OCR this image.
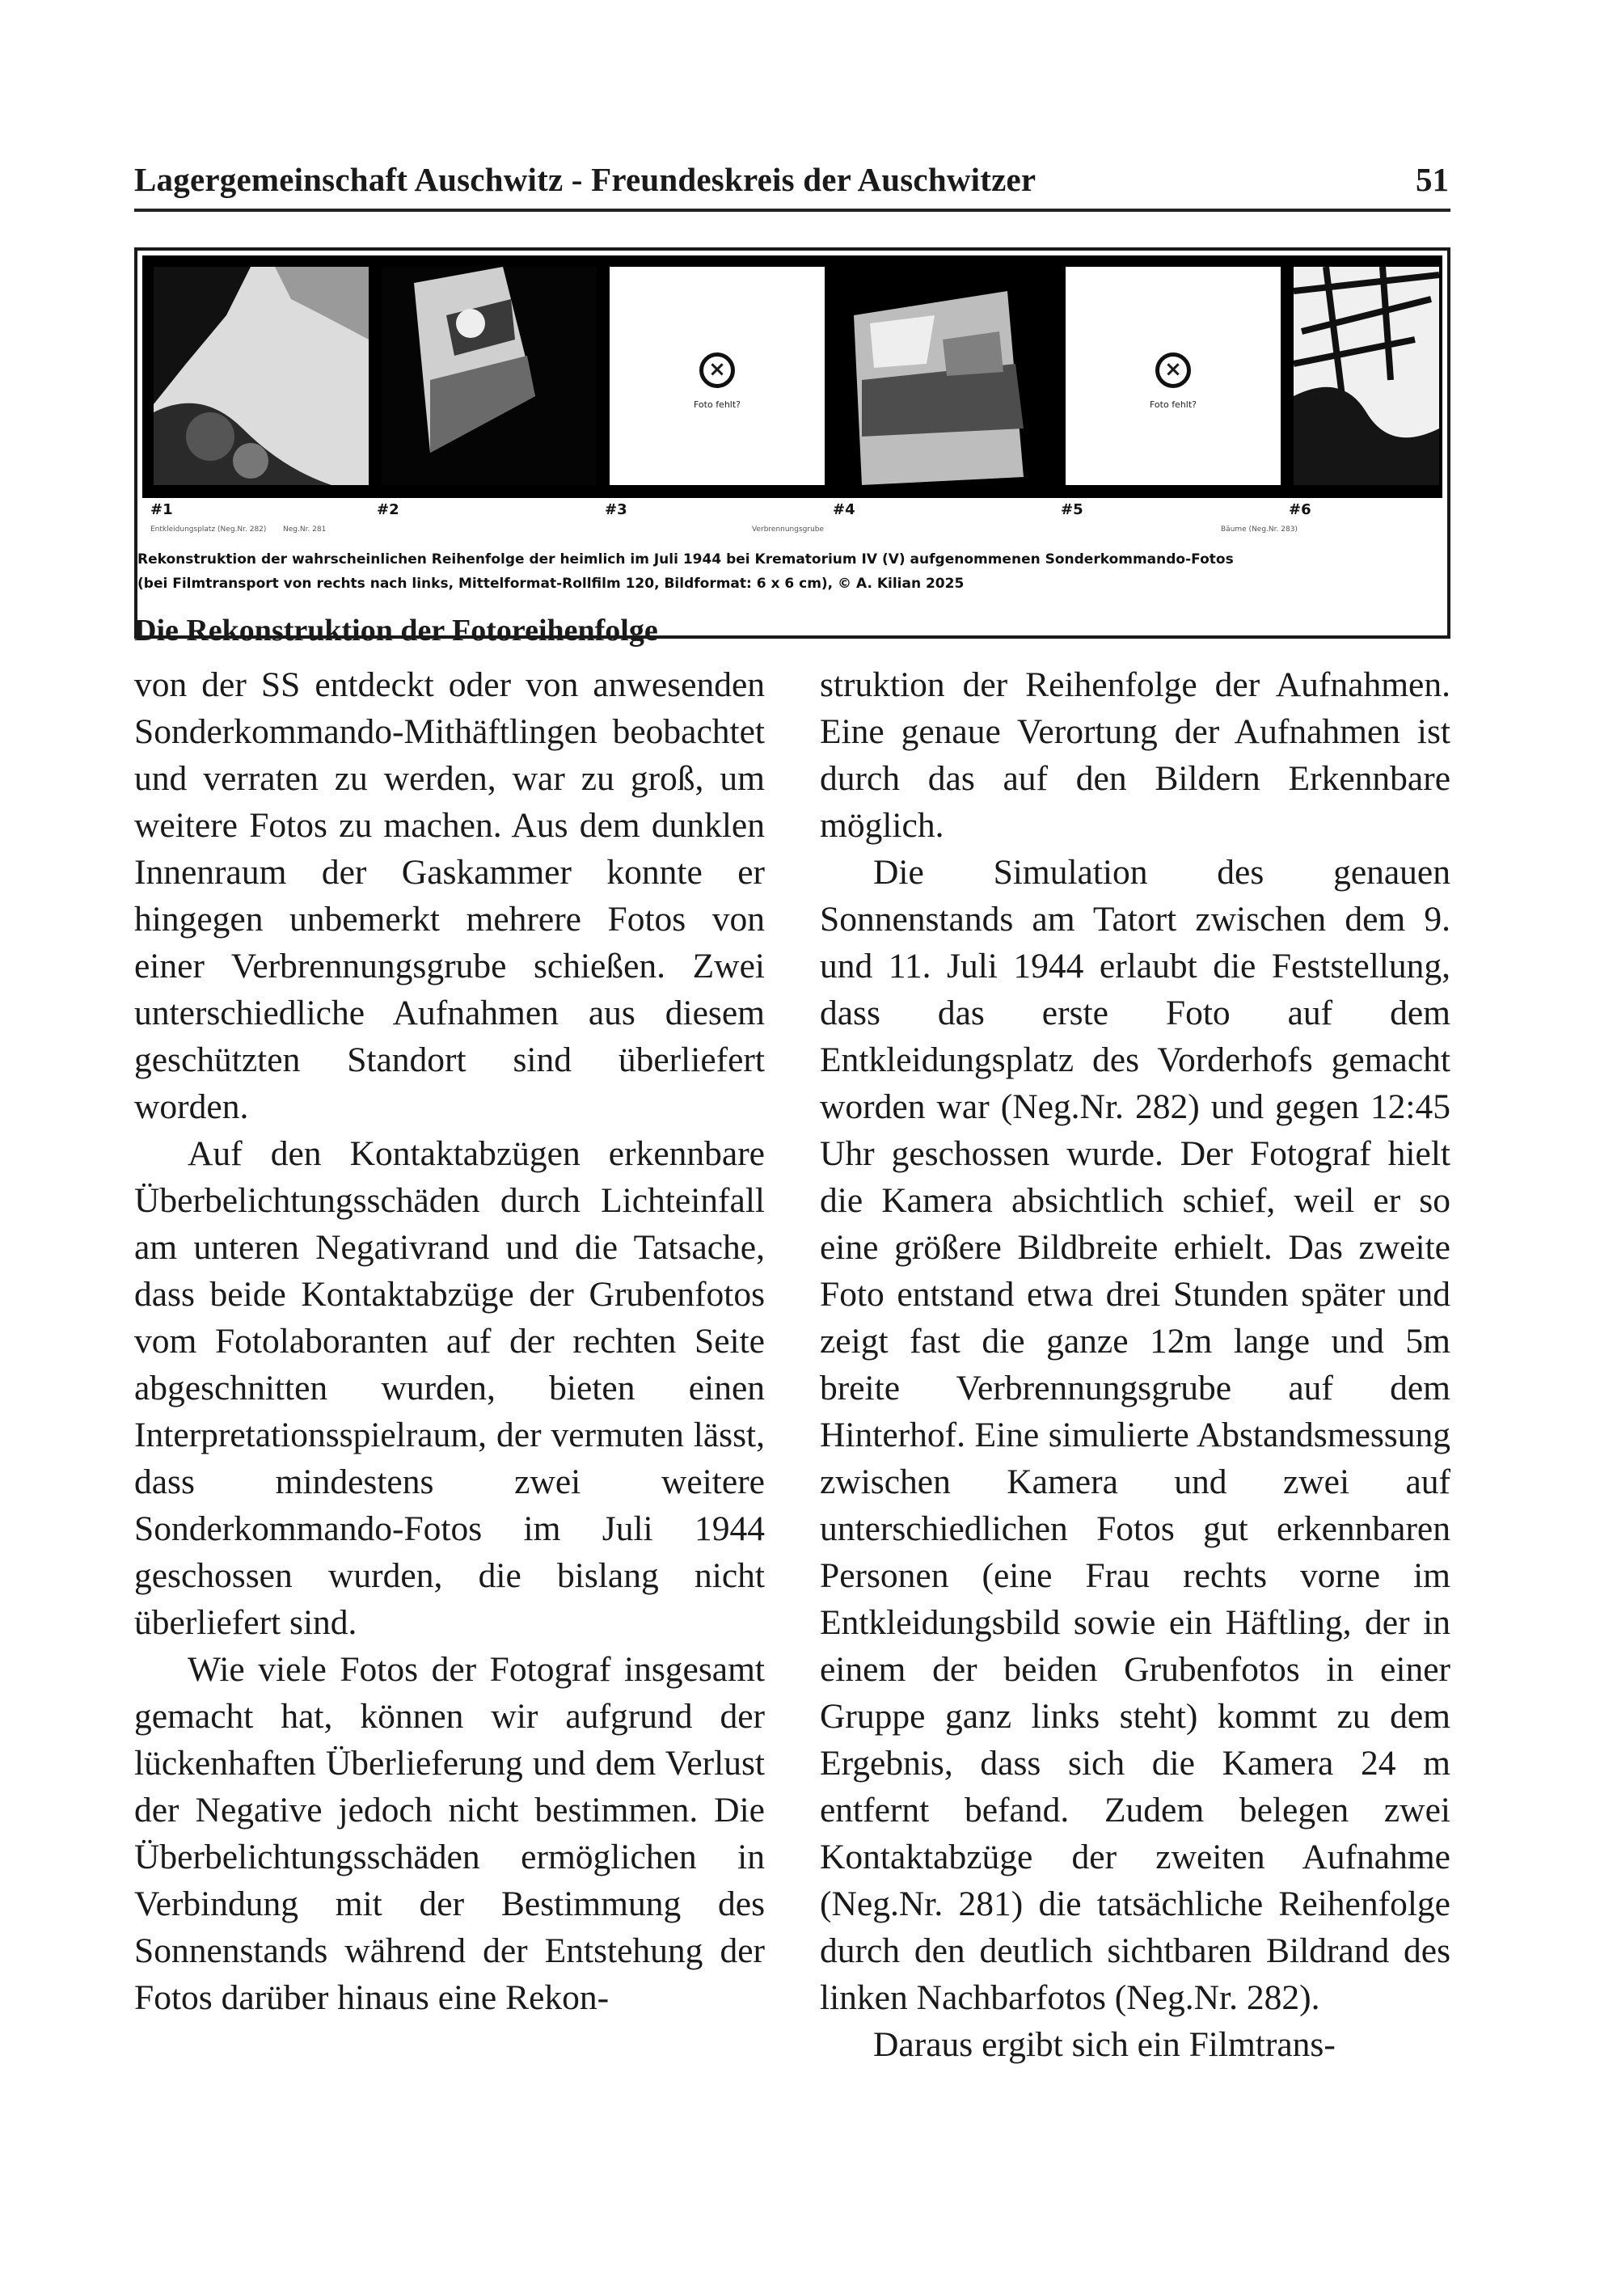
Lagergemeinschaft Auschwitz - Freundeskreis der Auschwitzer	51
×
Foto fehlt?
×
Foto fehlt?
#1	#2	#3	#4	#5	#6
Entkleidungsplatz (Neg.Nr. 282) Neg.Nr. 281	Verbrennungsgrube	Bäume (Neg.Nr. 283)
Rekonstruktion der wahrscheinlichen Reihenfolge der heimlich im Juli 1944 bei Krematorium IV (V) aufgenommenen Sonderkommando-Fotos
(bei Filmtransport von rechts nach links, Mittelformat-Rollfilm 120, Bildformat: 6 x 6 cm), © A. Kilian 2025
Die Rekonstruktion der Fotoreihenfolge

von der SS entdeckt oder von anwesenden Sonderkommando-Mithäftlingen beobachtet und verraten zu werden, war zu groß, um weitere Fotos zu machen. Aus dem dunklen Innenraum der Gaskammer konnte er hingegen unbemerkt mehrere Fotos von einer Verbrennungsgrube schießen. Zwei unterschiedliche Aufnahmen aus diesem geschützten Standort sind überliefert worden.

Auf den Kontaktabzügen erkennbare Überbelichtungsschäden durch Lichteinfall am unteren Negativrand und die Tatsache, dass beide Kontaktabzüge der Grubenfotos vom Fotolaboranten auf der rechten Seite abgeschnitten wurden, bieten einen Interpretationsspielraum, der vermuten lässt, dass mindestens zwei weitere Sonderkommando-Fotos im Juli 1944 geschossen wurden, die bislang nicht überliefert sind.

Wie viele Fotos der Fotograf insgesamt gemacht hat, können wir aufgrund der lückenhaften Überlieferung und dem Verlust der Negative jedoch nicht bestimmen. Die Überbelichtungsschäden ermöglichen in Verbindung mit der Bestimmung des Sonnenstands während der Entstehung der Fotos darüber hinaus eine Rekon-

struktion der Reihenfolge der Aufnahmen. Eine genaue Verortung der Aufnahmen ist durch das auf den Bildern Erkennbare möglich.

Die Simulation des genauen Sonnenstands am Tatort zwischen dem 9. und 11. Juli 1944 erlaubt die Feststellung, dass das erste Foto auf dem Entkleidungsplatz des Vorderhofs gemacht worden war (Neg.Nr. 282) und gegen 12:45 Uhr geschossen wurde. Der Fotograf hielt die Kamera absichtlich schief, weil er so eine größere Bildbreite erhielt. Das zweite Foto entstand etwa drei Stunden später und zeigt fast die ganze 12m lange und 5m breite Verbrennungsgrube auf dem Hinterhof. Eine simulierte Abstandsmessung zwischen Kamera und zwei auf unterschiedlichen Fotos gut erkennbaren Personen (eine Frau rechts vorne im Entkleidungsbild sowie ein Häftling, der in einem der beiden Grubenfotos in einer Gruppe ganz links steht) kommt zu dem Ergebnis, dass sich die Kamera 24 m entfernt befand. Zudem belegen zwei Kontaktabzüge der zweiten Aufnahme (Neg.Nr. 281) die tatsächliche Reihenfolge durch den deutlich sichtbaren Bildrand des linken Nachbarfotos (Neg.Nr. 282).

Daraus ergibt sich ein Filmtrans-
